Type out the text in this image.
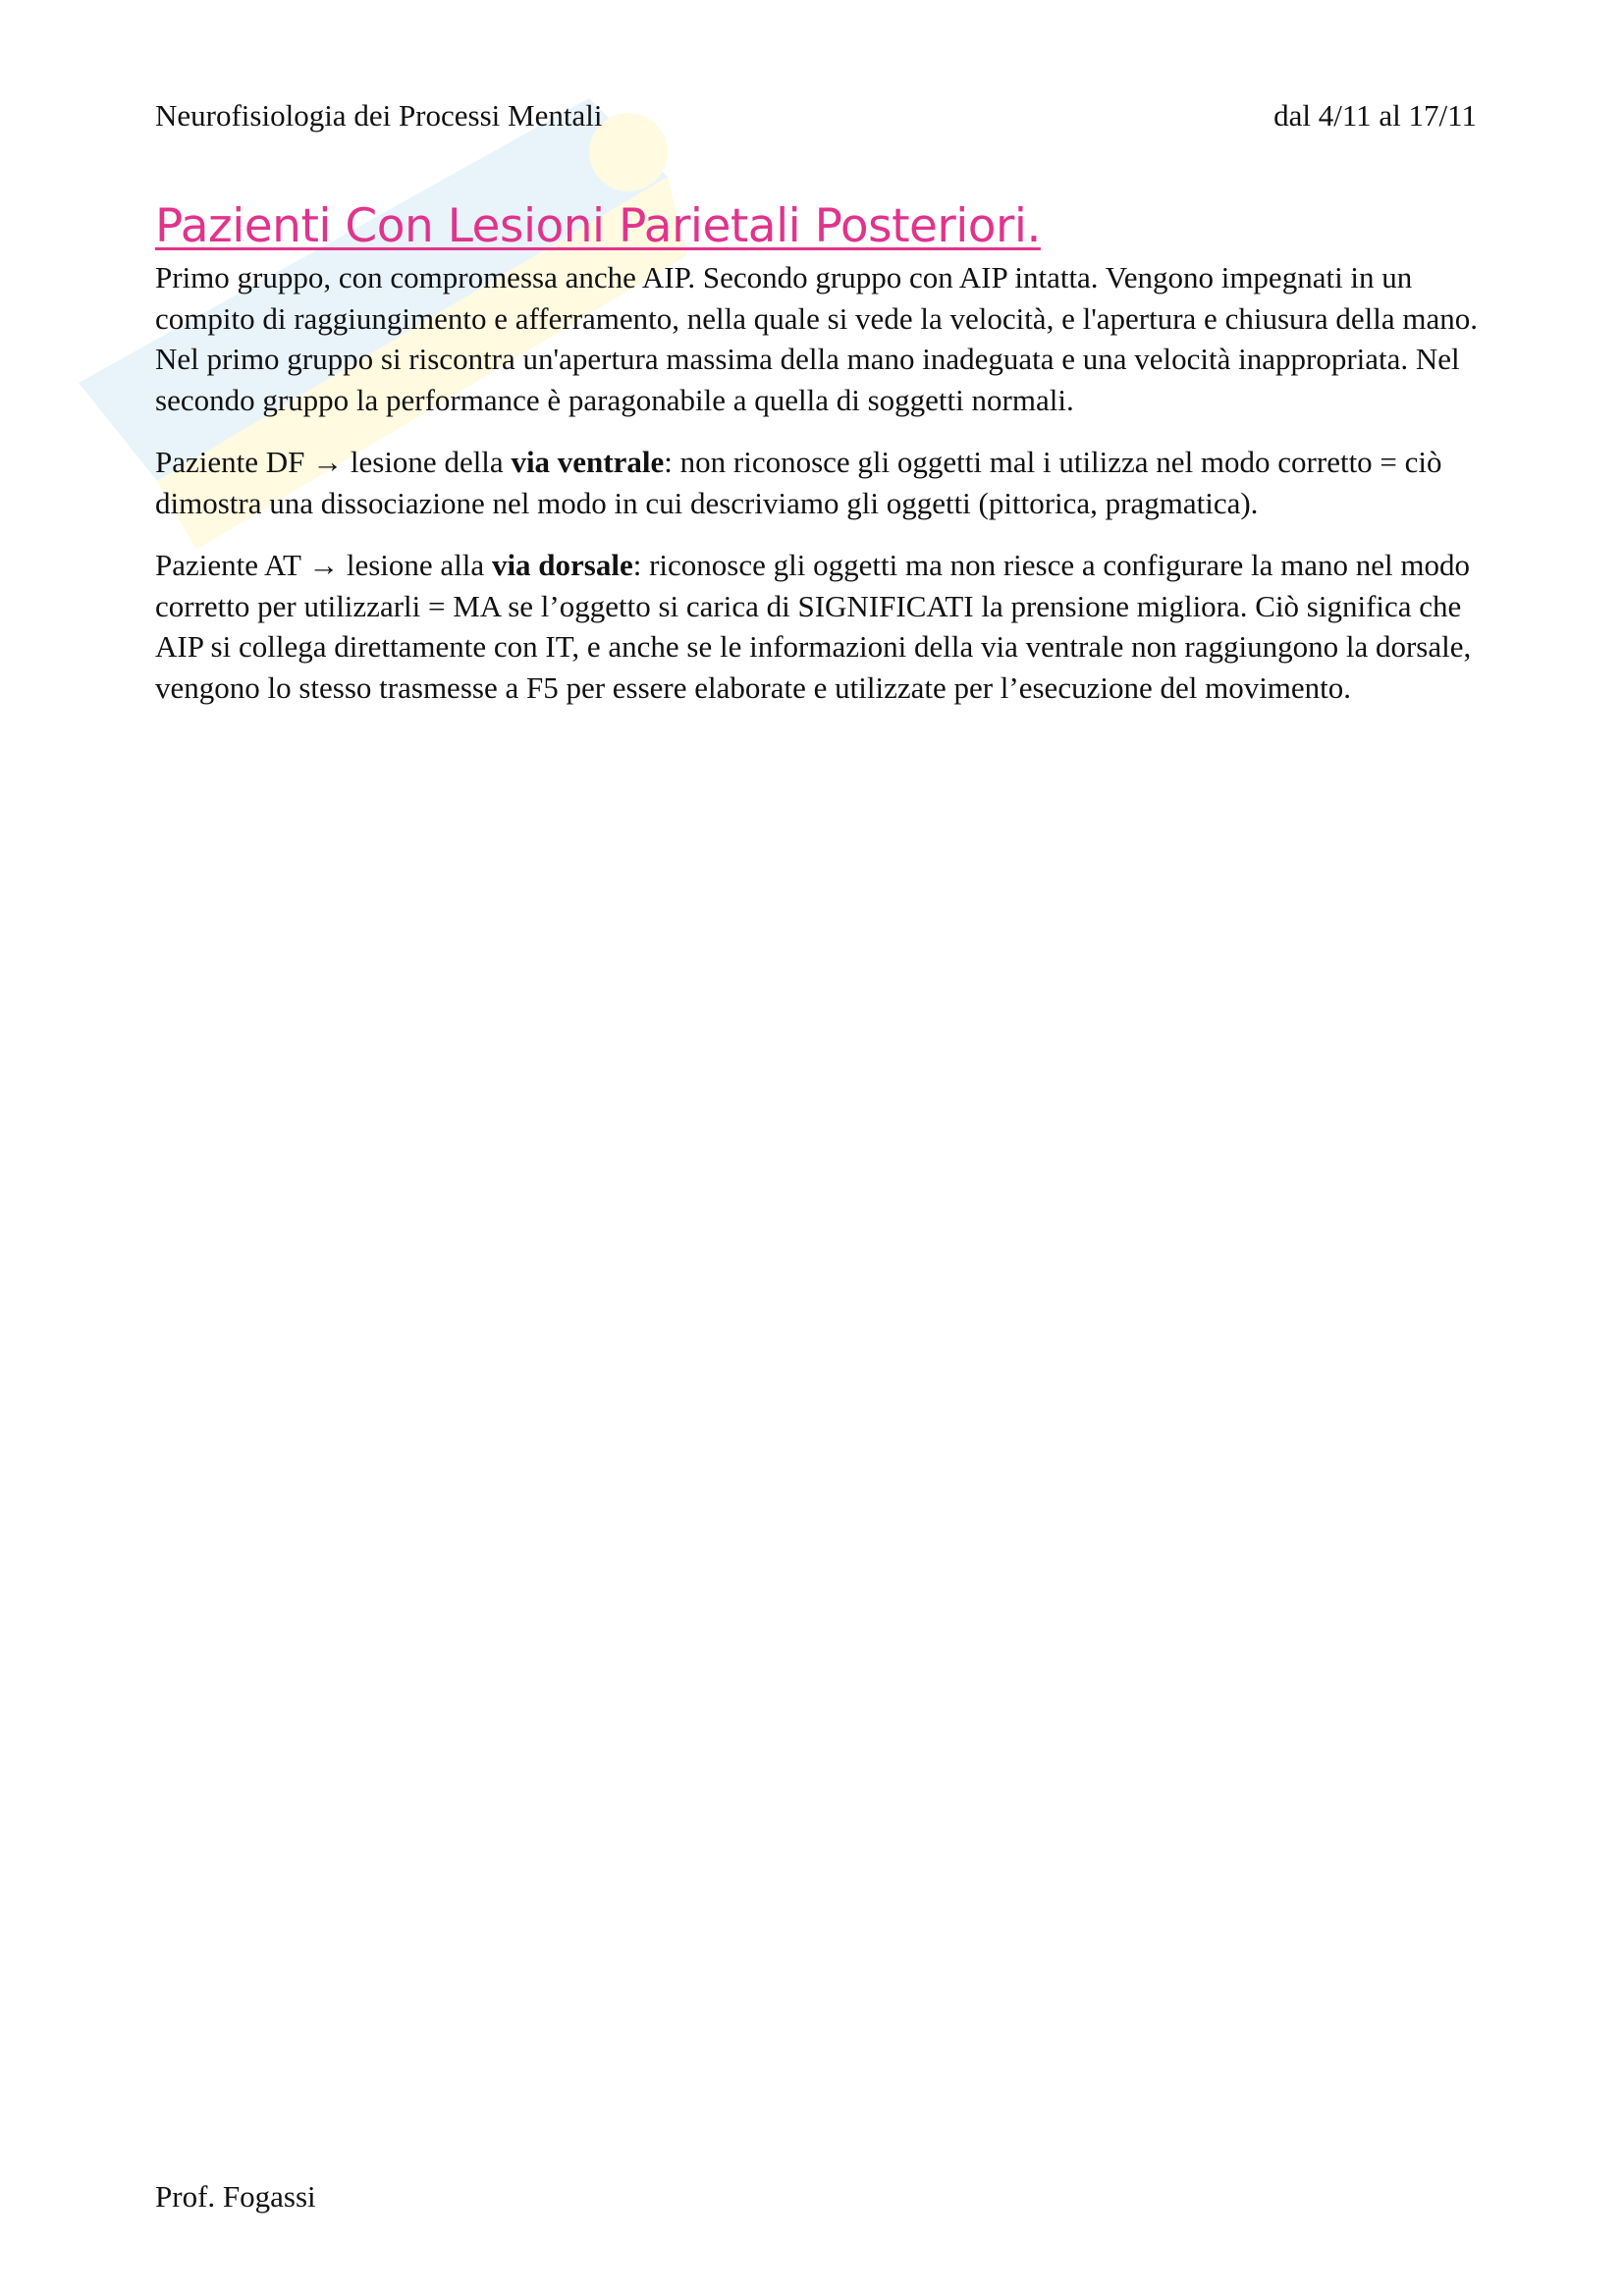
Neurofisiologia dei Processi Mentali	dal 4/11 al 17/11
Pazienti Con Lesioni Parietali Posteriori.

Primo gruppo, con compromessa anche AIP. Secondo gruppo con AIP intatta. Vengono impegnati in un compito di raggiungimento e afferramento, nella quale si vede la velocità, e l'apertura e chiusura della mano. Nel primo gruppo si riscontra un'apertura massima della mano inadeguata e una velocità inappropriata. Nel secondo gruppo la performance è paragonabile a quella di soggetti normali.

Paziente DF → lesione della via ventrale: non riconosce gli oggetti mal i utilizza nel modo corretto = ciò dimostra una dissociazione nel modo in cui descriviamo gli oggetti (pittorica, pragmatica).

Paziente AT → lesione alla via dorsale: riconosce gli oggetti ma non riesce a configurare la mano nel modo corretto per utilizzarli = MA se l’oggetto si carica di SIGNIFICATI la prensione migliora. Ciò significa che AIP si collega direttamente con IT, e anche se le informazioni della via ventrale non raggiungono la dorsale, vengono lo stesso trasmesse a F5 per essere elaborate e utilizzate per l’esecuzione del movimento.

Prof. Fogassi
